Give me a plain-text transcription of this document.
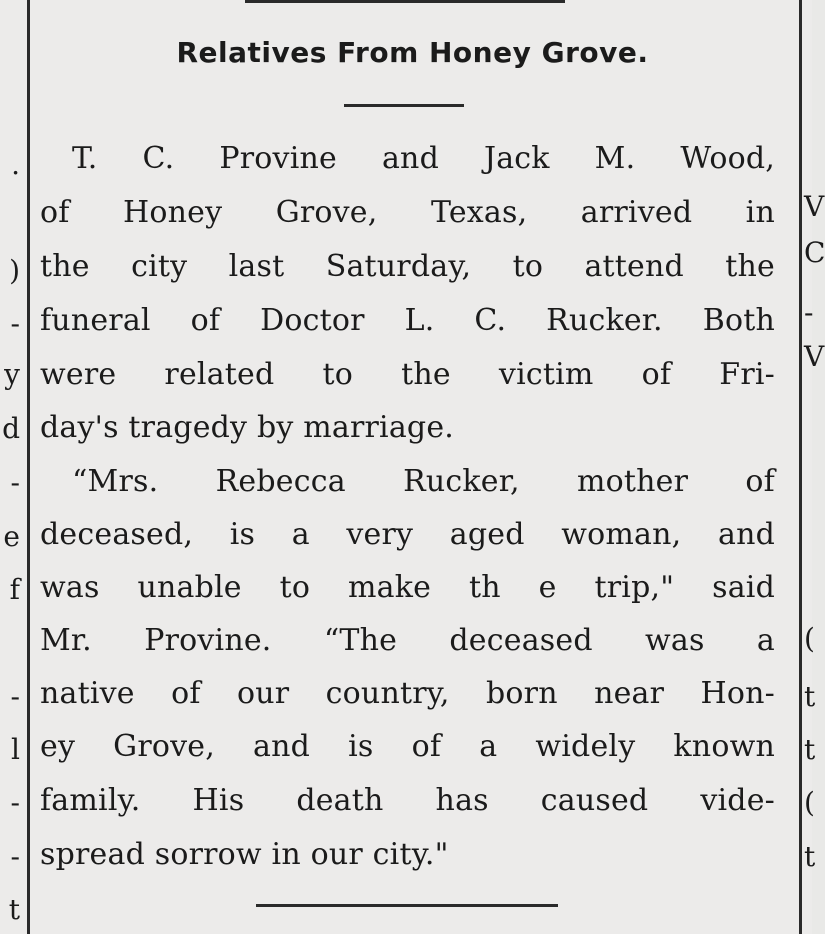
Relatives From Honey Grove.
T. C. Provine and Jack M. Wood,
of Honey Grove, Texas, arrived in
the city last Saturday, to attend the
funeral of Doctor L. C. Rucker. Both
were related to the victim of Fri-
day's tragedy by marriage.
“Mrs. Rebecca Rucker, mother of
deceased, is a very aged woman, and
was unable to make th e trip," said
Mr. Provine. “The deceased was a
native of our country, born near Hon-
ey Grove, and is of a widely known
family. His death has caused vide-
spread sorrow in our city."
.
)
-
y
d
-
e
f
-
l
-
-
t
V
C
-
V
(
t
t
(
t
